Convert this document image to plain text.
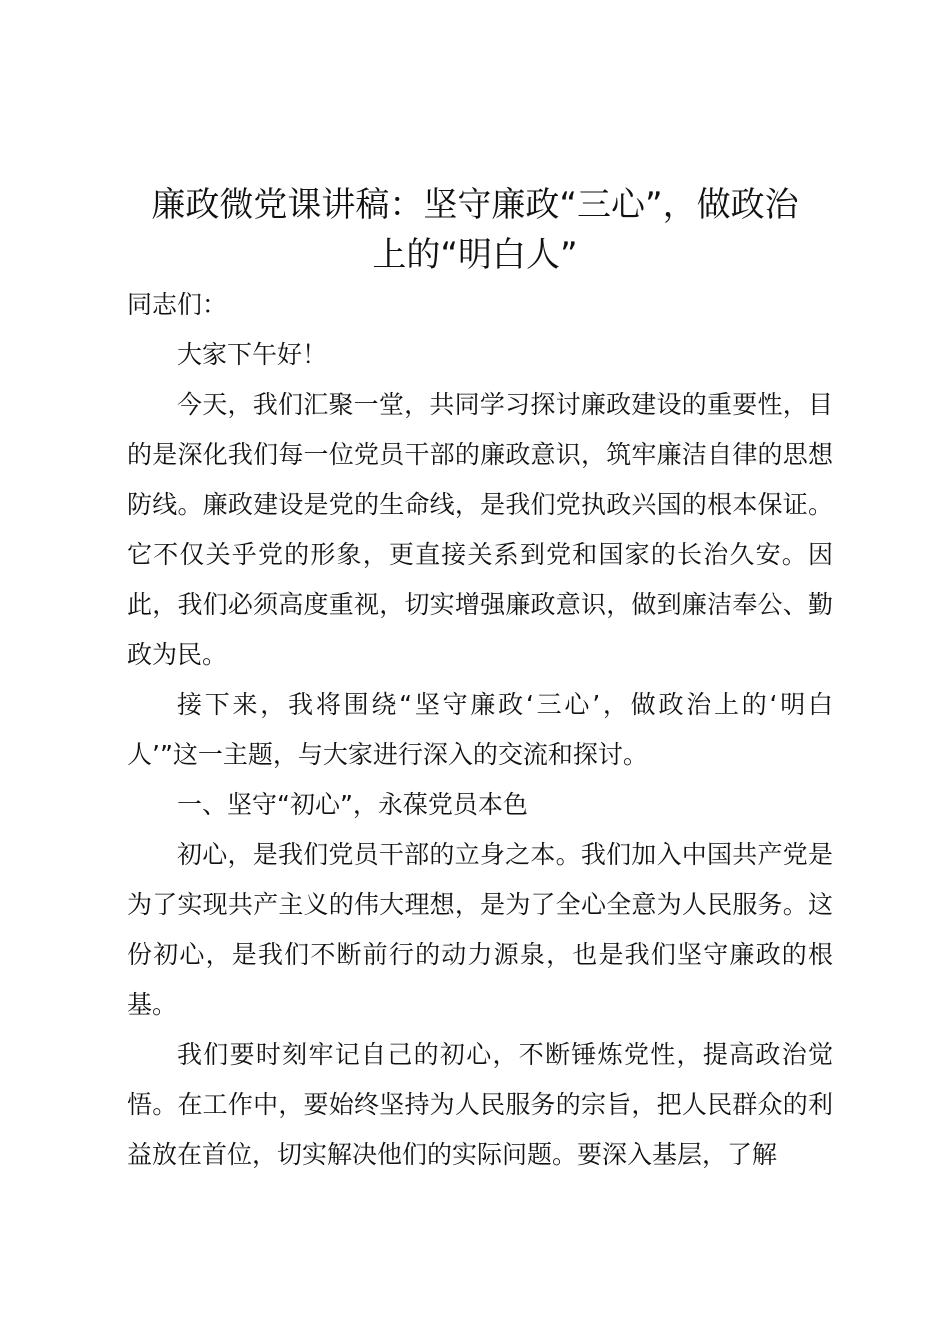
廉政微党课讲稿：坚守廉政“三心”，做政治
上的“明白人”

同志们：

大家下午好！

今天，我们汇聚一堂，共同学习探讨廉政建设的重要性，目的是深化我们每一位党员干部的廉政意识，筑牢廉洁自律的思想防线。廉政建设是党的生命线，是我们党执政兴国的根本保证。它不仅关乎党的形象，更直接关系到党和国家的长治久安。因此，我们必须高度重视，切实增强廉政意识，做到廉洁奉公、勤政为民。

接下来，我将围绕“坚守廉政‘三心’，做政治上的‘明白人’”这一主题，与大家进行深入的交流和探讨。

一、坚守“初心”，永葆党员本色

初心，是我们党员干部的立身之本。我们加入中国共产党是为了实现共产主义的伟大理想，是为了全心全意为人民服务。这份初心，是我们不断前行的动力源泉，也是我们坚守廉政的根基。

我们要时刻牢记自己的初心，不断锤炼党性，提高政治觉悟。在工作中，要始终坚持为人民服务的宗旨，把人民群众的利益放在首位，切实解决他们的实际问题。要深入基层，了解
